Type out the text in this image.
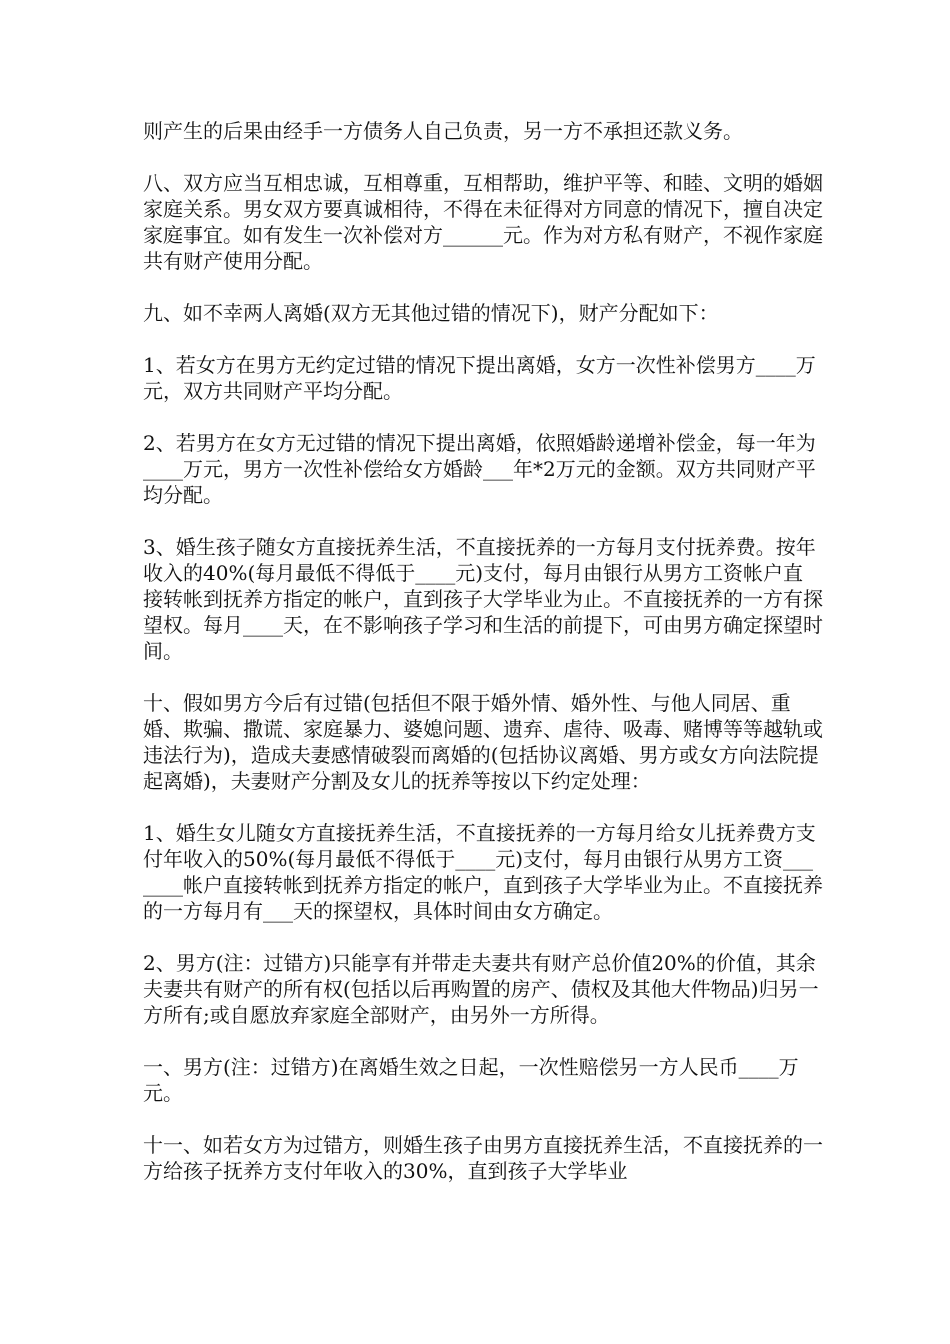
则产生的后果由经手一方债务人自己负责，另一方不承担还款义务。

八、双方应当互相忠诚，互相尊重，互相帮助，维护平等、和睦、文明的婚姻家庭关系。男女双方要真诚相待，不得在未征得对方同意的情况下，擅自决定家庭事宜。如有发生一次补偿对方______元。作为对方私有财产，不视作家庭共有财产使用分配。

九、如不幸两人离婚(双方无其他过错的情况下)，财产分配如下：

1、若女方在男方无约定过错的情况下提出离婚，女方一次性补偿男方____万元，双方共同财产平均分配。

2、若男方在女方无过错的情况下提出离婚，依照婚龄递增补偿金，每一年为____万元，男方一次性补偿给女方婚龄___年*2万元的金额。双方共同财产平均分配。

3、婚生孩子随女方直接抚养生活，不直接抚养的一方每月支付抚养费。按年收入的40%(每月最低不得低于____元)支付，每月由银行从男方工资帐户直接转帐到抚养方指定的帐户，直到孩子大学毕业为止。不直接抚养的一方有探望权。每月____天，在不影响孩子学习和生活的前提下，可由男方确定探望时间。

十、假如男方今后有过错(包括但不限于婚外情、婚外性、与他人同居、重婚、欺骗、撒谎、家庭暴力、婆媳问题、遗弃、虐待、吸毒、赌博等等越轨或违法行为)，造成夫妻感情破裂而离婚的(包括协议离婚、男方或女方向法院提起离婚)，夫妻财产分割及女儿的抚养等按以下约定处理：

1、婚生女儿随女方直接抚养生活，不直接抚养的一方每月给女儿抚养费方支付年收入的50%(每月最低不得低于____元)支付，每月由银行从男方工资_______帐户直接转帐到抚养方指定的帐户，直到孩子大学毕业为止。不直接抚养的一方每月有___天的探望权，具体时间由女方确定。

2、男方(注：过错方)只能享有并带走夫妻共有财产总价值20%的价值，其余夫妻共有财产的所有权(包括以后再购置的房产、债权及其他大件物品)归另一方所有;或自愿放弃家庭全部财产，由另外一方所得。

一、男方(注：过错方)在离婚生效之日起，一次性赔偿另一方人民币____万元。

十一、如若女方为过错方，则婚生孩子由男方直接抚养生活，不直接抚养的一方给孩子抚养方支付年收入的30%，直到孩子大学毕业
